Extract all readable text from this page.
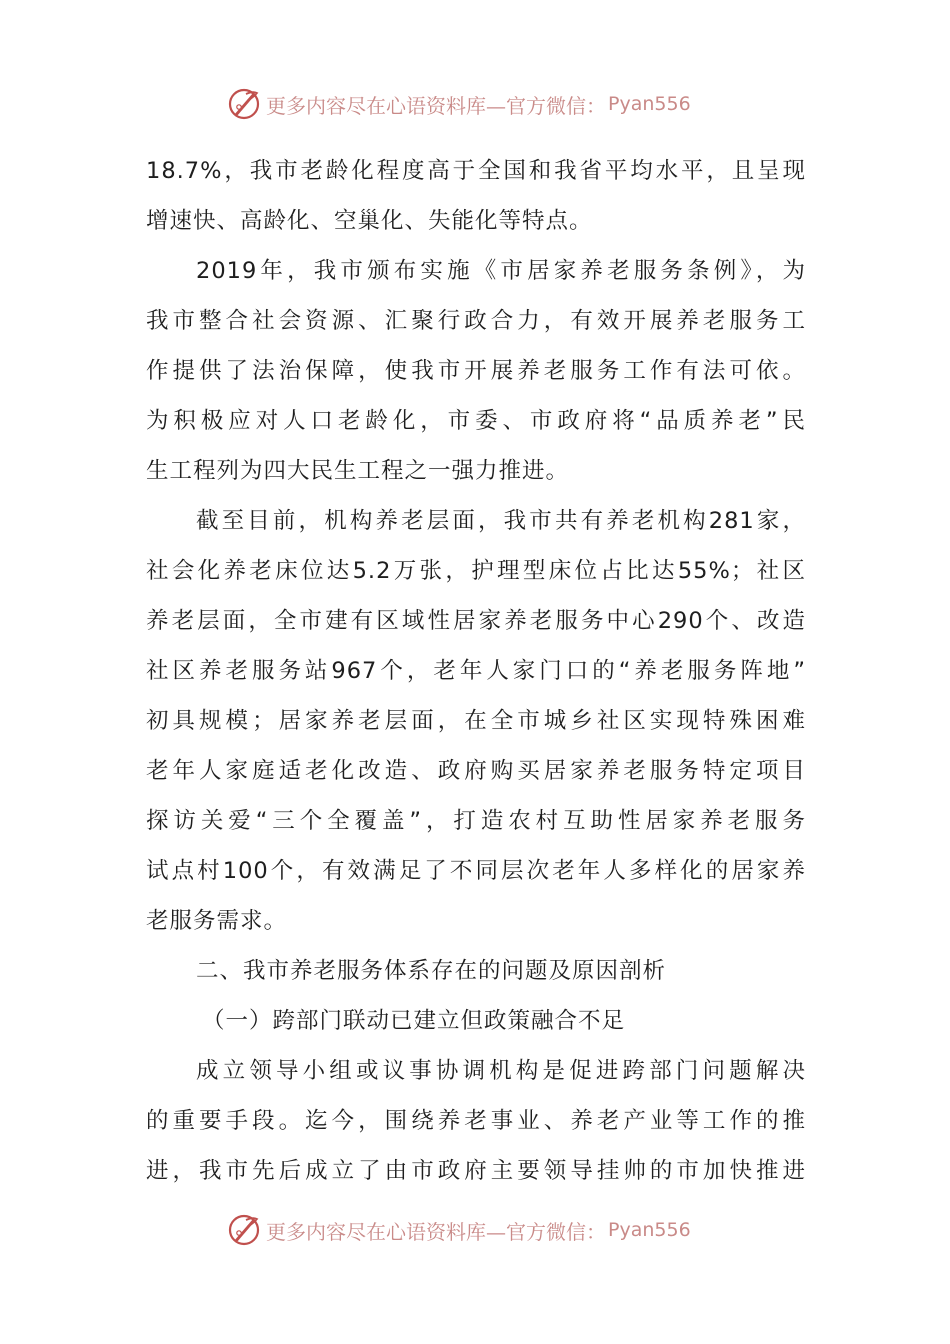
更多内容尽在心语资料库—官方微信： Pyan556
18.7%，我市老龄化程度高于全国和我省平均水平，且呈现
增速快、高龄化、空巢化、失能化等特点。
2019年，我市颁布实施《市居家养老服务条例》，为
我市整合社会资源、汇聚行政合力，有效开展养老服务工
作提供了法治保障，使我市开展养老服务工作有法可依。
为积极应对人口老龄化，市委、市政府将“品质养老”民
生工程列为四大民生工程之一强力推进。
截至目前，机构养老层面，我市共有养老机构281家，
社会化养老床位达5.2万张，护理型床位占比达55%；社区
养老层面，全市建有区域性居家养老服务中心290个、改造
社区养老服务站967个，老年人家门口的“养老服务阵地”
初具规模；居家养老层面，在全市城乡社区实现特殊困难
老年人家庭适老化改造、政府购买居家养老服务特定项目
探访关爱“三个全覆盖”，打造农村互助性居家养老服务
试点村100个，有效满足了不同层次老年人多样化的居家养
老服务需求。
二、我市养老服务体系存在的问题及原因剖析
（一）跨部门联动已建立但政策融合不足
成立领导小组或议事协调机构是促进跨部门问题解决
的重要手段。迄今，围绕养老事业、养老产业等工作的推
进，我市先后成立了由市政府主要领导挂帅的市加快推进
更多内容尽在心语资料库—官方微信： Pyan556
